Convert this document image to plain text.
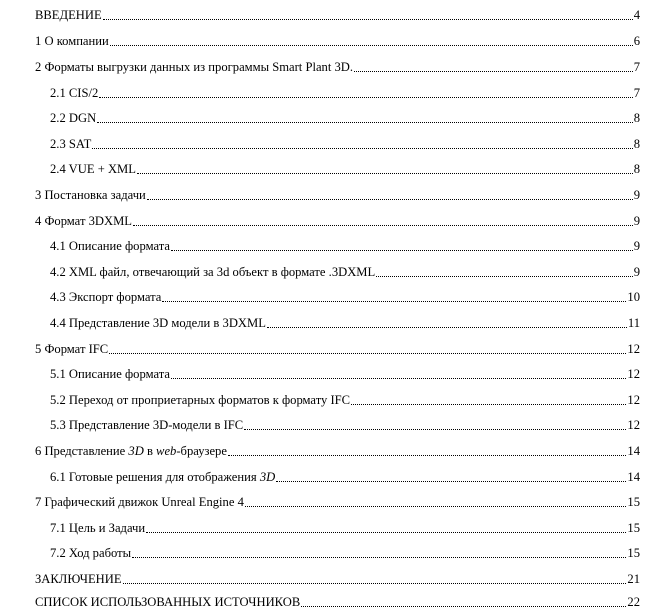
ВВЕДЕНИЕ	4
1 О компании	6
2 Форматы выгрузки данных из программы Smart Plant 3D.	7
2.1 CIS/2	7
2.2 DGN	8
2.3 SAT	8
2.4 VUE + XML	8
3 Постановка задачи	9
4 Формат 3DXML	9
4.1 Описание формата	9
4.2 XML файл, отвечающий за 3d объект в формате .3DXML	9
4.3 Экспорт формата	10
4.4 Представление 3D модели в 3DXML	11
5 Формат IFC	12
5.1 Описание формата	12
5.2 Переход от проприетарных форматов к формату IFC	12
5.3 Представление 3D-модели в IFC	12
6 Представление 3D в web-браузере	14
6.1 Готовые решения для отображения 3D	14
7 Графический движок Unreal Engine 4	15
7.1 Цель и Задачи	15
7.2 Ход работы	15
ЗАКЛЮЧЕНИЕ	21
СПИСОК ИСПОЛЬЗОВАННЫХ ИСТОЧНИКОВ	22
